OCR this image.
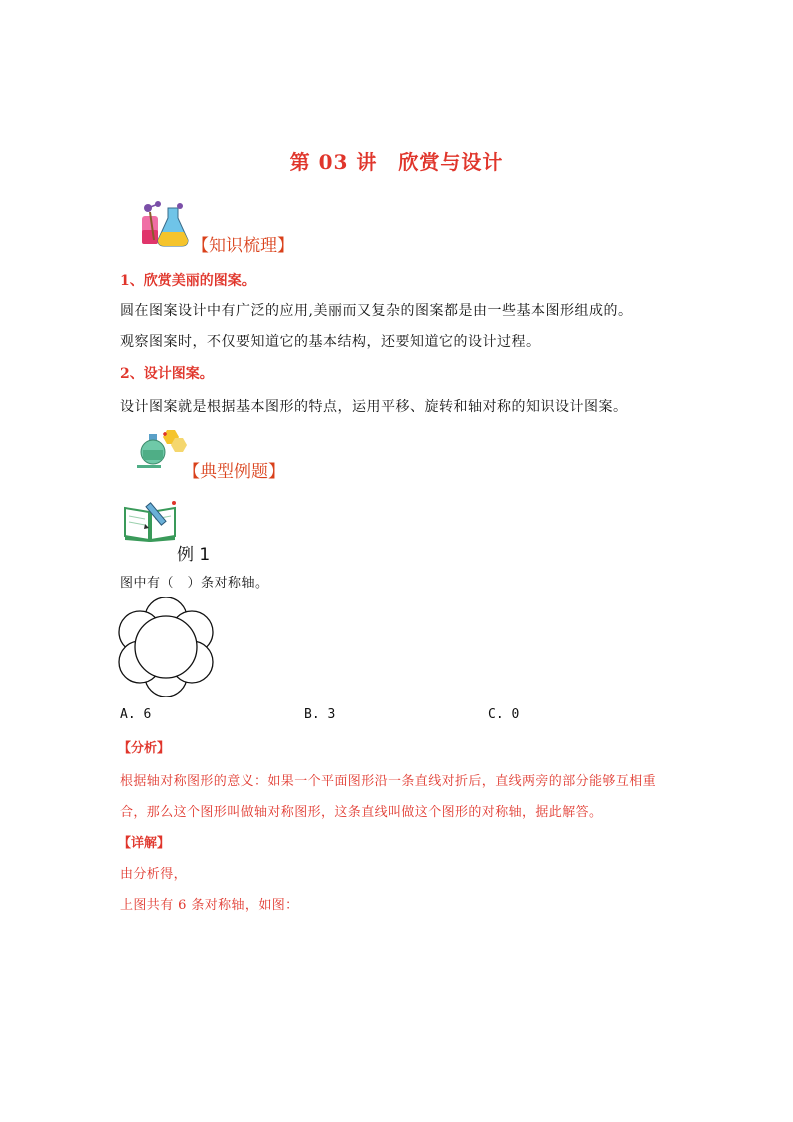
第 03 讲　欣赏与设计
【知识梳理】
1、欣赏美丽的图案。
圆在图案设计中有广泛的应用,美丽而又复杂的图案都是由一些基本图形组成的。
观察图案时，不仅要知道它的基本结构，还要知道它的设计过程。
2、设计图案。
设计图案就是根据基本图形的特点，运用平移、旋转和轴对称的知识设计图案。
【典型例题】
例 1
图中有（　）条对称轴。
A. 6	B. 3	C. 0
【分析】
根据轴对称图形的意义：如果一个平面图形沿一条直线对折后，直线两旁的部分能够互相重
合，那么这个图形叫做轴对称图形，这条直线叫做这个图形的对称轴，据此解答。
【详解】
由分析得，
上图共有 6 条对称轴，如图：
